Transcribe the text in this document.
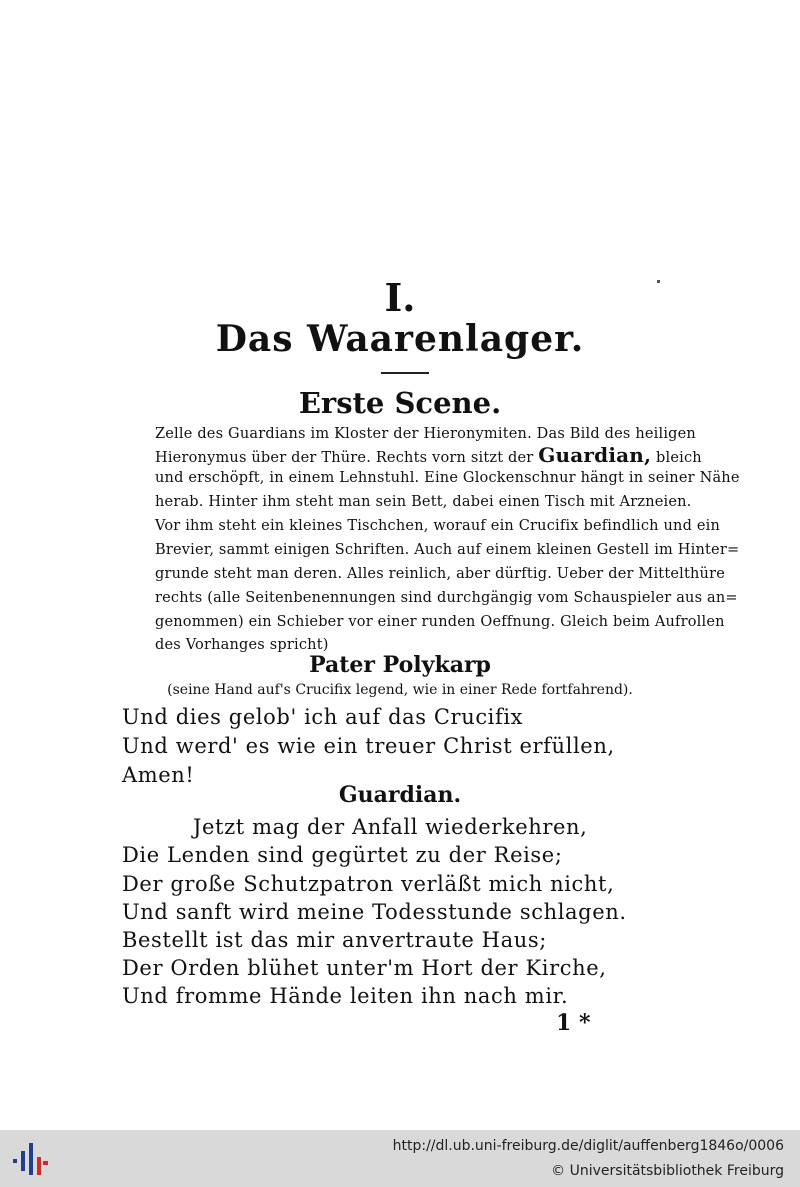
I.
Das Waarenlager.
Erste Scene.
Zelle des Guardians im Kloster der Hieronymiten. Das Bild des heiligen
Hieronymus über der Thüre. Rechts vorn sitzt der Guardian, bleich
und erschöpft, in einem Lehnstuhl. Eine Glockenschnur hängt in seiner Nähe
herab. Hinter ihm steht man sein Bett, dabei einen Tisch mit Arzneien.
Vor ihm steht ein kleines Tischchen, worauf ein Crucifix befindlich und ein
Brevier, sammt einigen Schriften. Auch auf einem kleinen Gestell im Hinter=
grunde steht man deren. Alles reinlich, aber dürftig. Ueber der Mittelthüre
rechts (alle Seitenbenennungen sind durchgängig vom Schauspieler aus an=
genommen) ein Schieber vor einer runden Oeffnung. Gleich beim Aufrollen
des Vorhanges spricht)
Pater Polykarp
(seine Hand auf's Crucifix legend, wie in einer Rede fortfahrend).
Und dies gelob' ich auf das Crucifix
Und werd' es wie ein treuer Christ erfüllen,
Amen!
Guardian.
Jetzt mag der Anfall wiederkehren,
Die Lenden sind gegürtet zu der Reise;
Der große Schutzpatron verläßt mich nicht,
Und sanft wird meine Todesstunde schlagen.
Bestellt ist das mir anvertraute Haus;
Der Orden blühet unter'm Hort der Kirche,
Und fromme Hände leiten ihn nach mir.
1 *
http://dl.ub.uni-freiburg.de/diglit/auffenberg1846o/0006
© Universitätsbibliothek Freiburg
